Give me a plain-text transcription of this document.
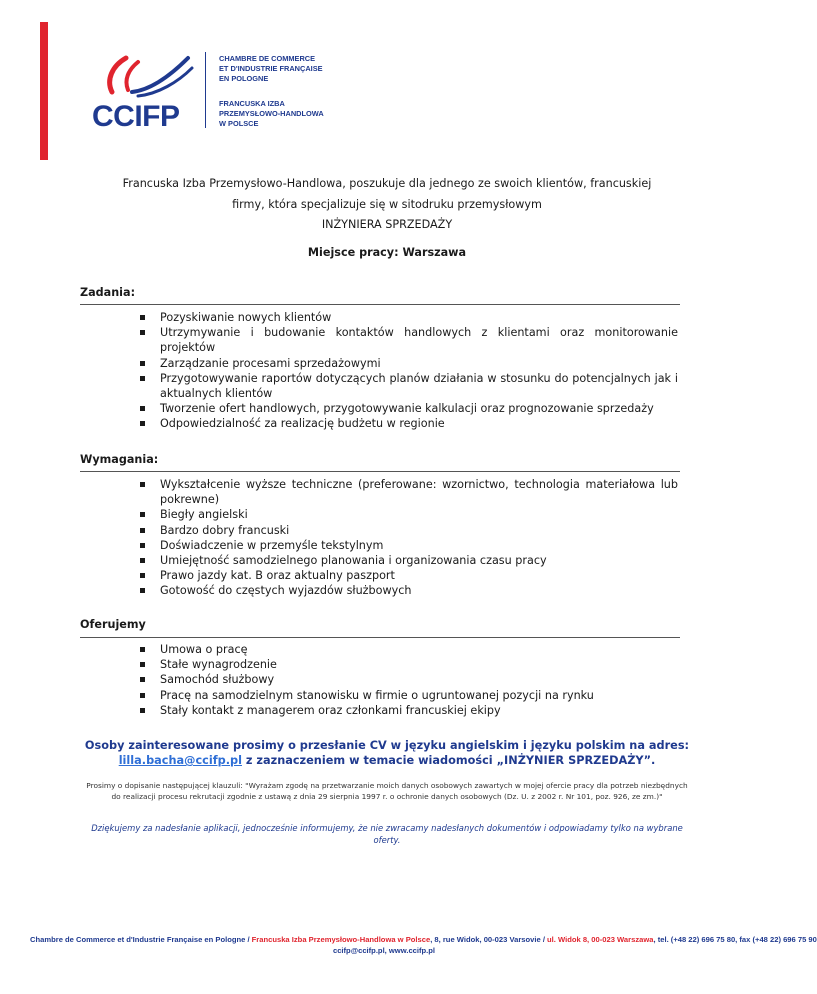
CCIFP
CHAMBRE DE COMMERCE
ET D'INDUSTRIE FRANÇAISE
EN POLOGNE
FRANCUSKA IZBA
PRZEMYSŁOWO-HANDLOWA
W POLSCE
Francuska Izba Przemysłowo-Handlowa, poszukuje dla jednego ze swoich klientów, francuskiej
firmy, która specjalizuje się w sitodruku przemysłowym
INŻYNIERA SPRZEDAŻY
Miejsce pracy: Warszawa
Zadania:
Pozyskiwanie nowych klientów
Utrzymywanie i budowanie kontaktów handlowych z klientami oraz monitorowanie projektów
Zarządzanie procesami sprzedażowymi
Przygotowywanie raportów dotyczących planów działania w stosunku do potencjalnych jak i aktualnych klientów
Tworzenie ofert handlowych, przygotowywanie kalkulacji oraz prognozowanie sprzedaży
Odpowiedzialność za realizację budżetu w regionie
Wymagania:
Wykształcenie wyższe techniczne (preferowane: wzornictwo, technologia materiałowa lub pokrewne)
Biegły angielski
Bardzo dobry francuski
Doświadczenie w przemyśle tekstylnym
Umiejętność samodzielnego planowania i organizowania czasu pracy
Prawo jazdy kat. B oraz aktualny paszport
Gotowość do częstych wyjazdów służbowych
Oferujemy
Umowa o pracę
Stałe wynagrodzenie
Samochód służbowy
Pracę na samodzielnym stanowisku w firmie o ugruntowanej pozycji na rynku
Stały kontakt z managerem oraz członkami francuskiej ekipy
Osoby zainteresowane prosimy o przesłanie CV w języku angielskim i języku polskim na adres:
lilla.bacha@ccifp.pl z zaznaczeniem w temacie wiadomości „INŻYNIER SPRZEDAŻY”.
Prosimy o dopisanie następującej klauzuli: "Wyrażam zgodę na przetwarzanie moich danych osobowych zawartych w mojej ofercie pracy dla potrzeb niezbędnych do realizacji procesu rekrutacji zgodnie z ustawą z dnia 29 sierpnia 1997 r. o ochronie danych osobowych (Dz. U. z 2002 r. Nr 101, poz. 926, ze zm.)"
Dziękujemy za nadesłanie aplikacji, jednocześnie informujemy, że nie zwracamy nadesłanych dokumentów i odpowiadamy tylko na wybrane oferty.
Chambre de Commerce et d'Industrie Française en Pologne / Francuska Izba Przemysłowo-Handlowa w Polsce, 8, rue Widok, 00-023 Varsovie / ul. Widok 8, 00-023 Warszawa, tel. (+48 22) 696 75 80, fax (+48 22) 696 75 90
ccifp@ccifp.pl, www.ccifp.pl
